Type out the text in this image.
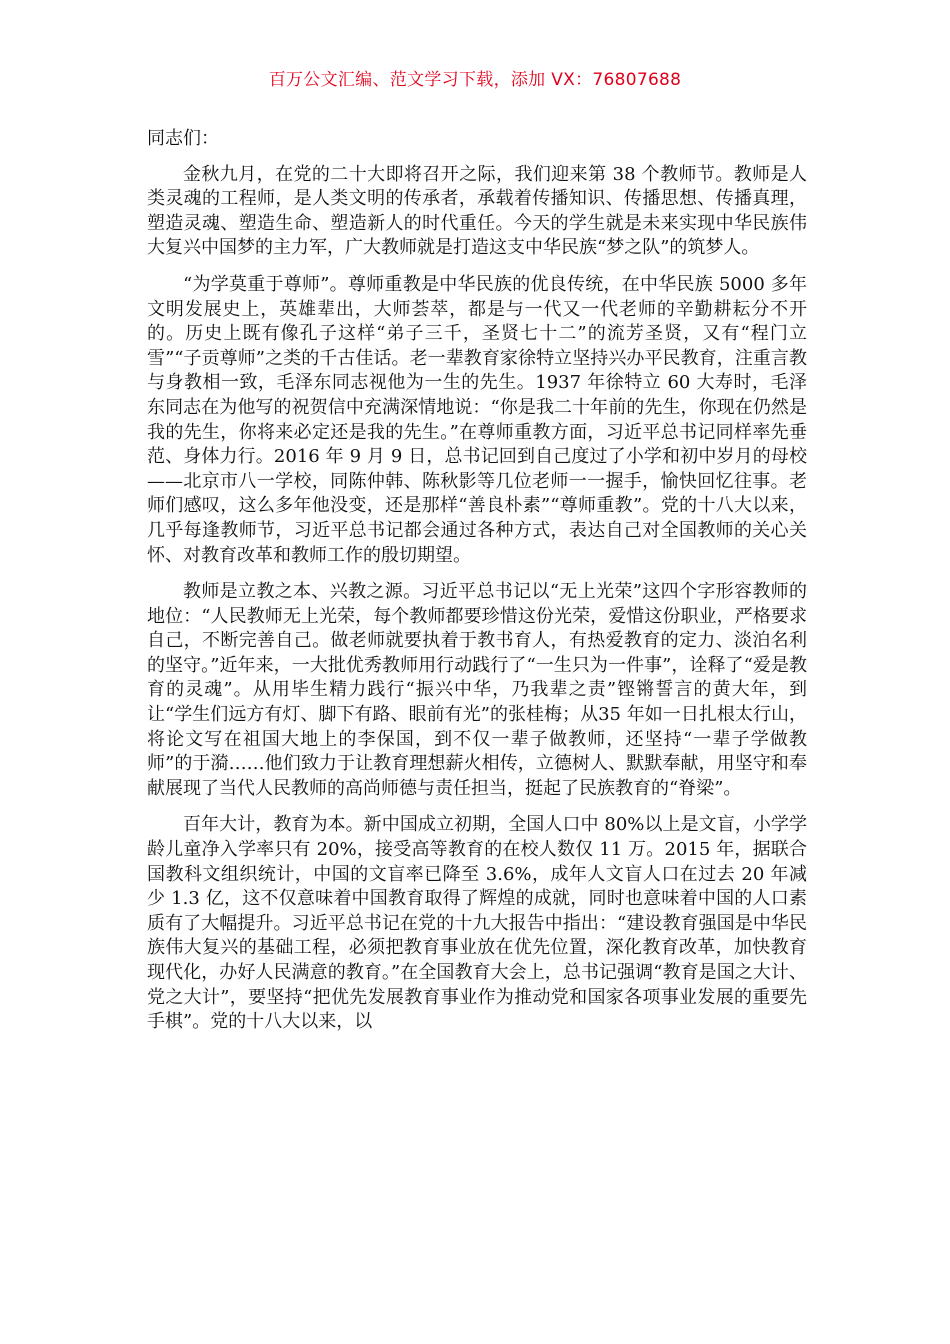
百万公文汇编、范文学习下载，添加 VX：76807688

同志们：

金秋九月，在党的二十大即将召开之际，我们迎来第 38 个教师节。教师是人类灵魂的工程师，是人类文明的传承者，承载着传播知识、传播思想、传播真理，塑造灵魂、塑造生命、塑造新人的时代重任。今天的学生就是未来实现中华民族伟大复兴中国梦的主力军，广大教师就是打造这支中华民族“梦之队”的筑梦人。

“为学莫重于尊师”。尊师重教是中华民族的优良传统，在中华民族 5000 多年文明发展史上，英雄辈出，大师荟萃，都是与一代又一代老师的辛勤耕耘分不开的。历史上既有像孔子这样“弟子三千，圣贤七十二”的流芳圣贤，又有“程门立雪”“子贡尊师”之类的千古佳话。老一辈教育家徐特立坚持兴办平民教育，注重言教与身教相一致，毛泽东同志视他为一生的先生。1937 年徐特立 60 大寿时，毛泽东同志在为他写的祝贺信中充满深情地说：“你是我二十年前的先生，你现在仍然是我的先生，你将来必定还是我的先生。”在尊师重教方面，习近平总书记同样率先垂范、身体力行。2016 年 9 月 9 日，总书记回到自己度过了小学和初中岁月的母校——北京市八一学校，同陈仲韩、陈秋影等几位老师一一握手，愉快回忆往事。老师们感叹，这么多年他没变，还是那样“善良朴素”“尊师重教”。党的十八大以来，几乎每逢教师节，习近平总书记都会通过各种方式，表达自己对全国教师的关心关怀、对教育改革和教师工作的殷切期望。

教师是立教之本、兴教之源。习近平总书记以“无上光荣”这四个字形容教师的地位：“人民教师无上光荣，每个教师都要珍惜这份光荣，爱惜这份职业，严格要求自己，不断完善自己。做老师就要执着于教书育人，有热爱教育的定力、淡泊名利的坚守。”近年来，一大批优秀教师用行动践行了“一生只为一件事”，诠释了“爱是教育的灵魂”。从用毕生精力践行“振兴中华，乃我辈之责”铿锵誓言的黄大年，到让“学生们远方有灯、脚下有路、眼前有光”的张桂梅；从35 年如一日扎根太行山，将论文写在祖国大地上的李保国，到不仅一辈子做教师，还坚持“一辈子学做教师”的于漪……他们致力于让教育理想薪火相传，立德树人、默默奉献，用坚守和奉献展现了当代人民教师的高尚师德与责任担当，挺起了民族教育的“脊梁”。

百年大计，教育为本。新中国成立初期，全国人口中 80%以上是文盲，小学学龄儿童净入学率只有 20%，接受高等教育的在校人数仅 11 万。2015 年，据联合国教科文组织统计，中国的文盲率已降至 3.6%，成年人文盲人口在过去 20 年减少 1.3 亿，这不仅意味着中国教育取得了辉煌的成就，同时也意味着中国的人口素质有了大幅提升。习近平总书记在党的十九大报告中指出：“建设教育强国是中华民族伟大复兴的基础工程，必须把教育事业放在优先位置，深化教育改革，加快教育现代化，办好人民满意的教育。”在全国教育大会上，总书记强调“教育是国之大计、党之大计”，要坚持“把优先发展教育事业作为推动党和国家各项事业发展的重要先手棋”。党的十八大以来，以
